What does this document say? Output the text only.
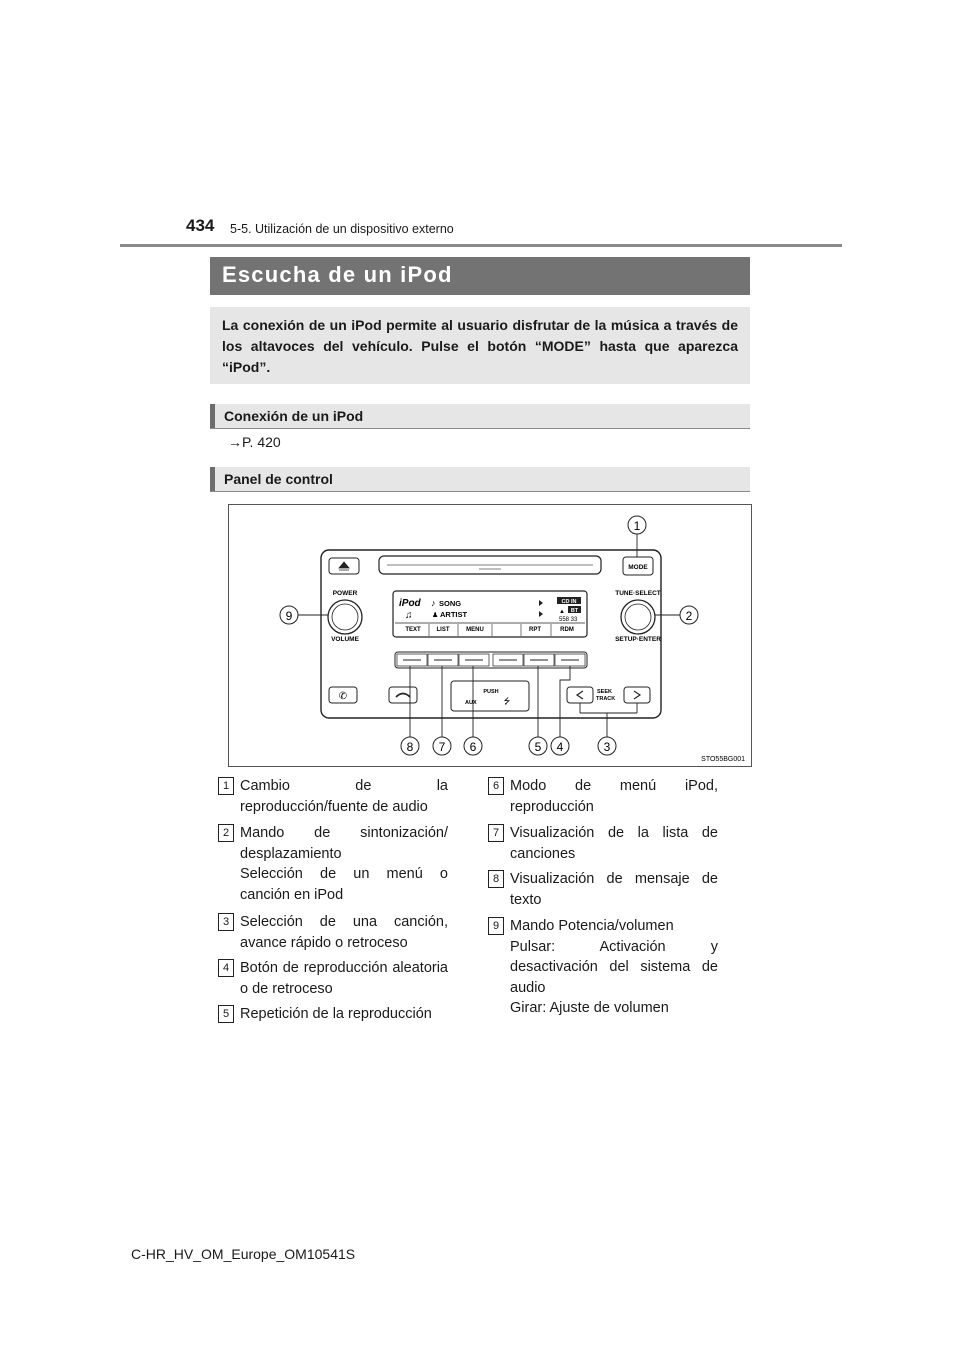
434 5-5. Utilización de un dispositivo externo
Escucha de un iPod
La conexión de un iPod permite al usuario disfrutar de la música a través de los altavoces del vehículo. Pulse el botón “MODE” hasta que aparezca “iPod”.
Conexión de un iPod
→P. 420
Panel de control
MODE
POWER
VOLUME
TUNE·SELECT
SETUP·ENTER
iPod ♪ SONG
♫	♟ ARTIST
CD IN
▲ BT
558 33
TEXT	LIST	MENU	RPT	RDM
✆	PUSH
AUX	⭍
SEEK
TRACK
1
2
9
3
4
5
6
7
8
STO55BG001
1 Cambio de la reproducción/fuente de audio
2 Mando de sintonización/ desplazamiento
Selección de un menú o canción en iPod
3 Selección de una canción, avance rápido o retroceso
4 Botón de reproducción aleatoria o de retroceso
5 Repetición de la reproducción
6 Modo de menú iPod, reproducción
7 Visualización de la lista de canciones
8 Visualización de mensaje de texto
9 Mando Potencia/volumen
Pulsar: Activación y desactivación del sistema de audio
Girar: Ajuste de volumen
C-HR_HV_OM_Europe_OM10541S
